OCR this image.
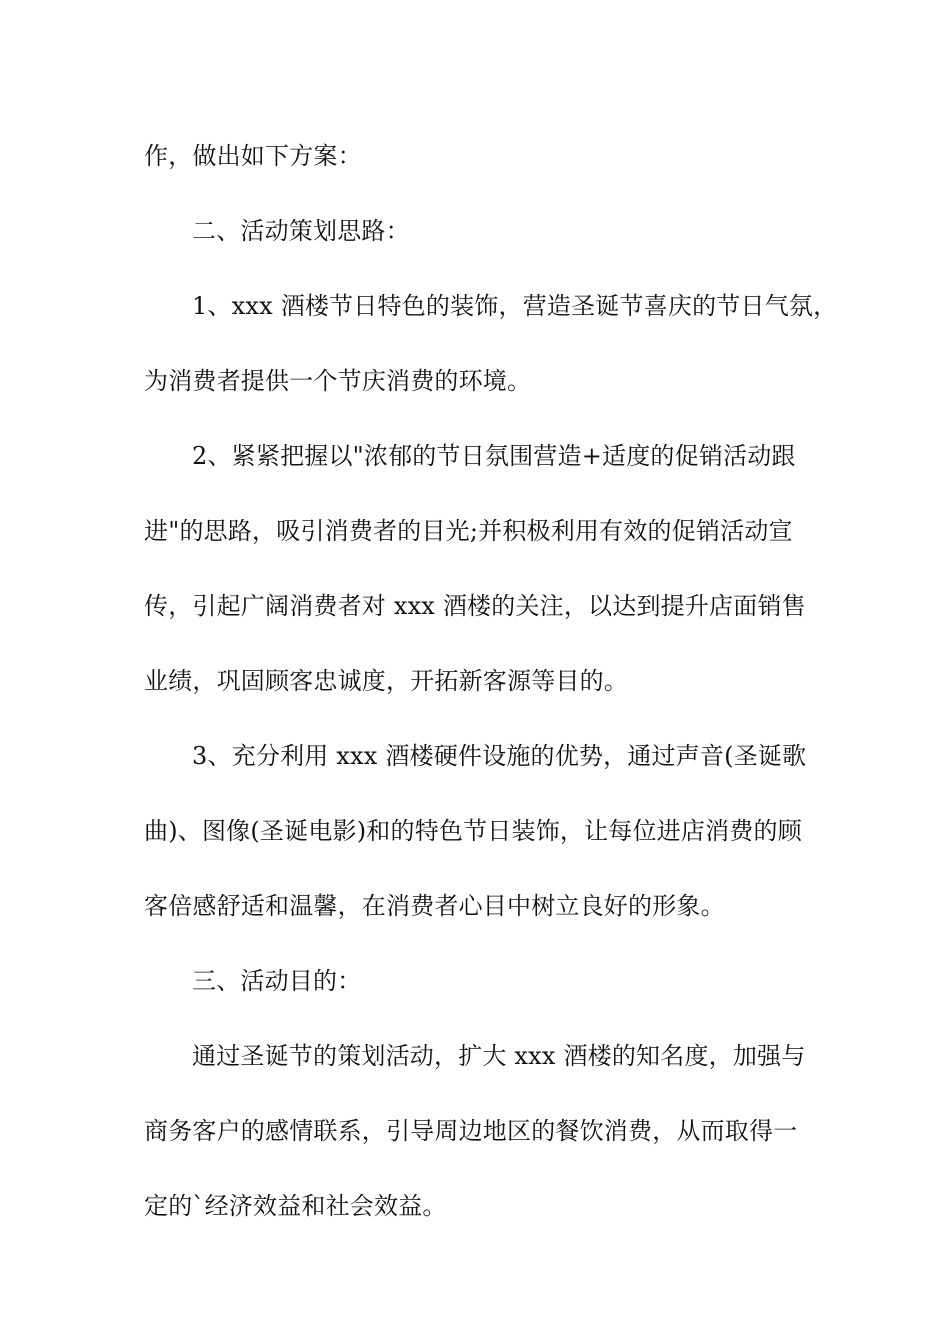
作，做出如下方案：

二、活动策划思路：

1、xxx 酒楼节日特色的装饰，营造圣诞节喜庆的节日气氛，

为消费者提供一个节庆消费的环境。

2、紧紧把握以"浓郁的节日氛围营造+适度的促销活动跟

进"的思路，吸引消费者的目光;并积极利用有效的促销活动宣

传，引起广阔消费者对 xxx 酒楼的关注，以达到提升店面销售

业绩，巩固顾客忠诚度，开拓新客源等目的。

3、充分利用 xxx 酒楼硬件设施的优势，通过声音(圣诞歌

曲)、图像(圣诞电影)和的特色节日装饰，让每位进店消费的顾

客倍感舒适和温馨，在消费者心目中树立良好的形象。

三、活动目的：

通过圣诞节的策划活动，扩大 xxx 酒楼的知名度，加强与

商务客户的感情联系，引导周边地区的餐饮消费，从而取得一

定的`经济效益和社会效益。
